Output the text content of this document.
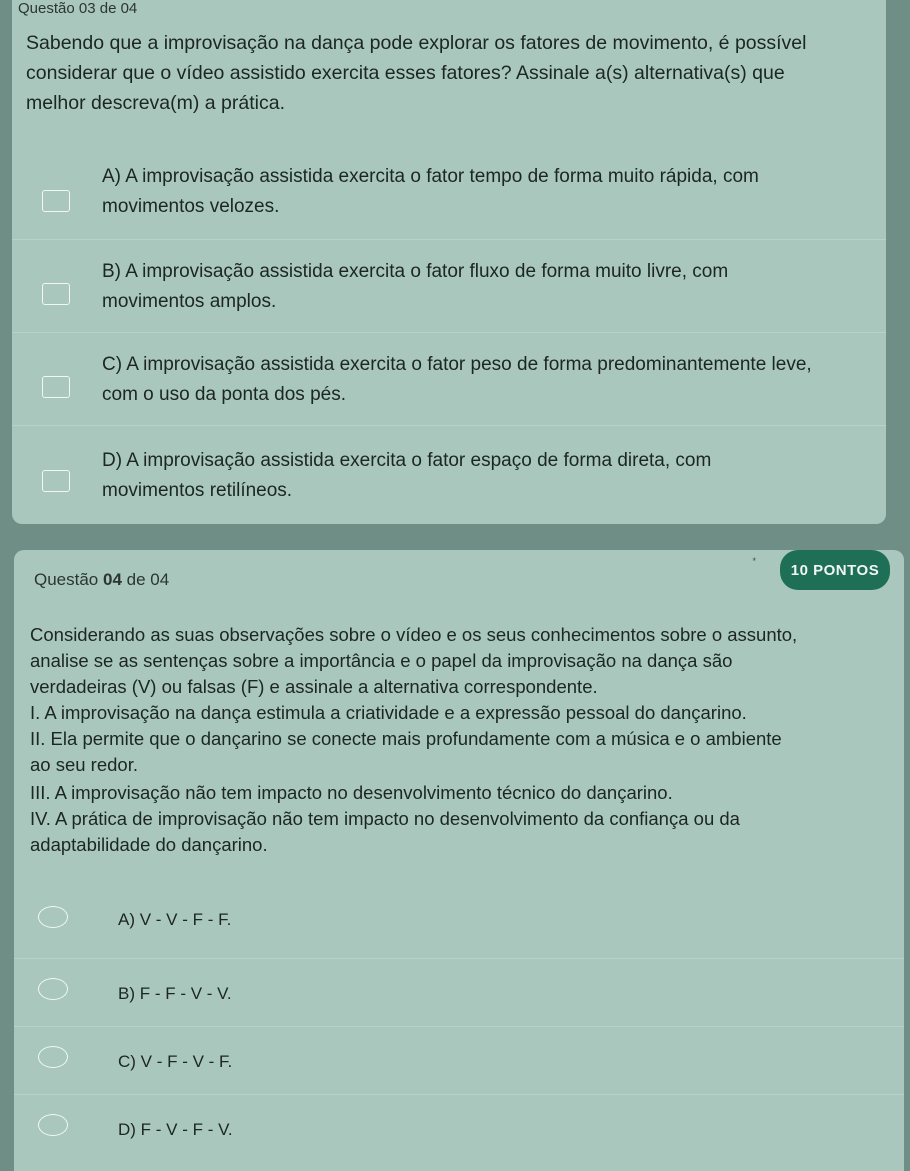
Questão 03 de 04
Sabendo que a improvisação na dança pode explorar os fatores de movimento, é possível
considerar que o vídeo assistido exercita esses fatores? Assinale a(s) alternativa(s) que
melhor descreva(m) a prática.
A) A improvisação assistida exercita o fator tempo de forma muito rápida, com
movimentos velozes.
B) A improvisação assistida exercita o fator fluxo de forma muito livre, com
movimentos amplos.
C) A improvisação assistida exercita o fator peso de forma predominantemente leve,
com o uso da ponta dos pés.
D) A improvisação assistida exercita o fator espaço de forma direta, com
movimentos retilíneos.
Questão 04 de 04
*
10 PONTOS
Considerando as suas observações sobre o vídeo e os seus conhecimentos sobre o assunto,
analise se as sentenças sobre a importância e o papel da improvisação na dança são
verdadeiras (V) ou falsas (F) e assinale a alternativa correspondente.
I. A improvisação na dança estimula a criatividade e a expressão pessoal do dançarino.
II. Ela permite que o dançarino se conecte mais profundamente com a música e o ambiente
ao seu redor.
III. A improvisação não tem impacto no desenvolvimento técnico do dançarino.
IV. A prática de improvisação não tem impacto no desenvolvimento da confiança ou da
adaptabilidade do dançarino.
A) V - V - F - F.
B) F - F - V - V.
C) V - F - V - F.
D) F - V - F - V.
